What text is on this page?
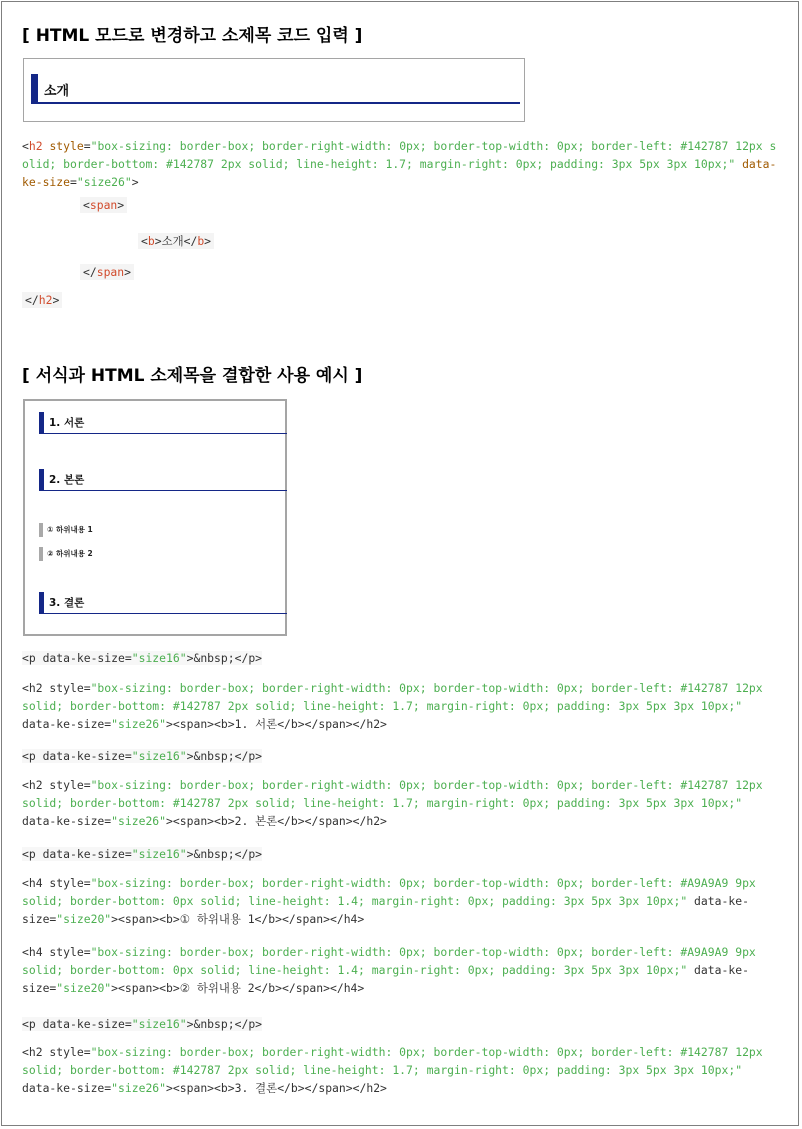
[ HTML 모드로 변경하고 소제목 코드 입력 ]
소개
<h2 style="box-sizing: border-box; border-right-width: 0px; border-top-width: 0px; border-left: #142787 12px solid; border-bottom: #142787 2px solid; line-height: 1.7; margin-right: 0px; padding: 3px 5px 3px 10px;" data-ke-size="size26">
<span>
<b>소개</b>
</span>
</h2>
[ 서식과 HTML 소제목을 결합한 사용 예시 ]
1. 서론
2. 본론
① 하위내용 1
② 하위내용 2
3. 결론
<p data-ke-size="size16">&nbsp;</p>
<h2 style="box-sizing: border-box; border-right-width: 0px; border-top-width: 0px; border-left: #142787 12px solid; border-bottom: #142787 2px solid; line-height: 1.7; margin-right: 0px; padding: 3px 5px 3px 10px;" data-ke-size="size26"><span><b>1. 서론</b></span></h2>
<p data-ke-size="size16">&nbsp;</p>
<h2 style="box-sizing: border-box; border-right-width: 0px; border-top-width: 0px; border-left: #142787 12px solid; border-bottom: #142787 2px solid; line-height: 1.7; margin-right: 0px; padding: 3px 5px 3px 10px;" data-ke-size="size26"><span><b>2. 본론</b></span></h2>
<p data-ke-size="size16">&nbsp;</p>
<h4 style="box-sizing: border-box; border-right-width: 0px; border-top-width: 0px; border-left: #A9A9A9 9px solid; border-bottom: 0px solid; line-height: 1.4; margin-right: 0px; padding: 3px 5px 3px 10px;" data-ke-size="size20"><span><b>① 하위내용 1</b></span></h4>
<h4 style="box-sizing: border-box; border-right-width: 0px; border-top-width: 0px; border-left: #A9A9A9 9px solid; border-bottom: 0px solid; line-height: 1.4; margin-right: 0px; padding: 3px 5px 3px 10px;" data-ke-size="size20"><span><b>② 하위내용 2</b></span></h4>
<p data-ke-size="size16">&nbsp;</p>
<h2 style="box-sizing: border-box; border-right-width: 0px; border-top-width: 0px; border-left: #142787 12px solid; border-bottom: #142787 2px solid; line-height: 1.7; margin-right: 0px; padding: 3px 5px 3px 10px;" data-ke-size="size26"><span><b>3. 결론</b></span></h2>
